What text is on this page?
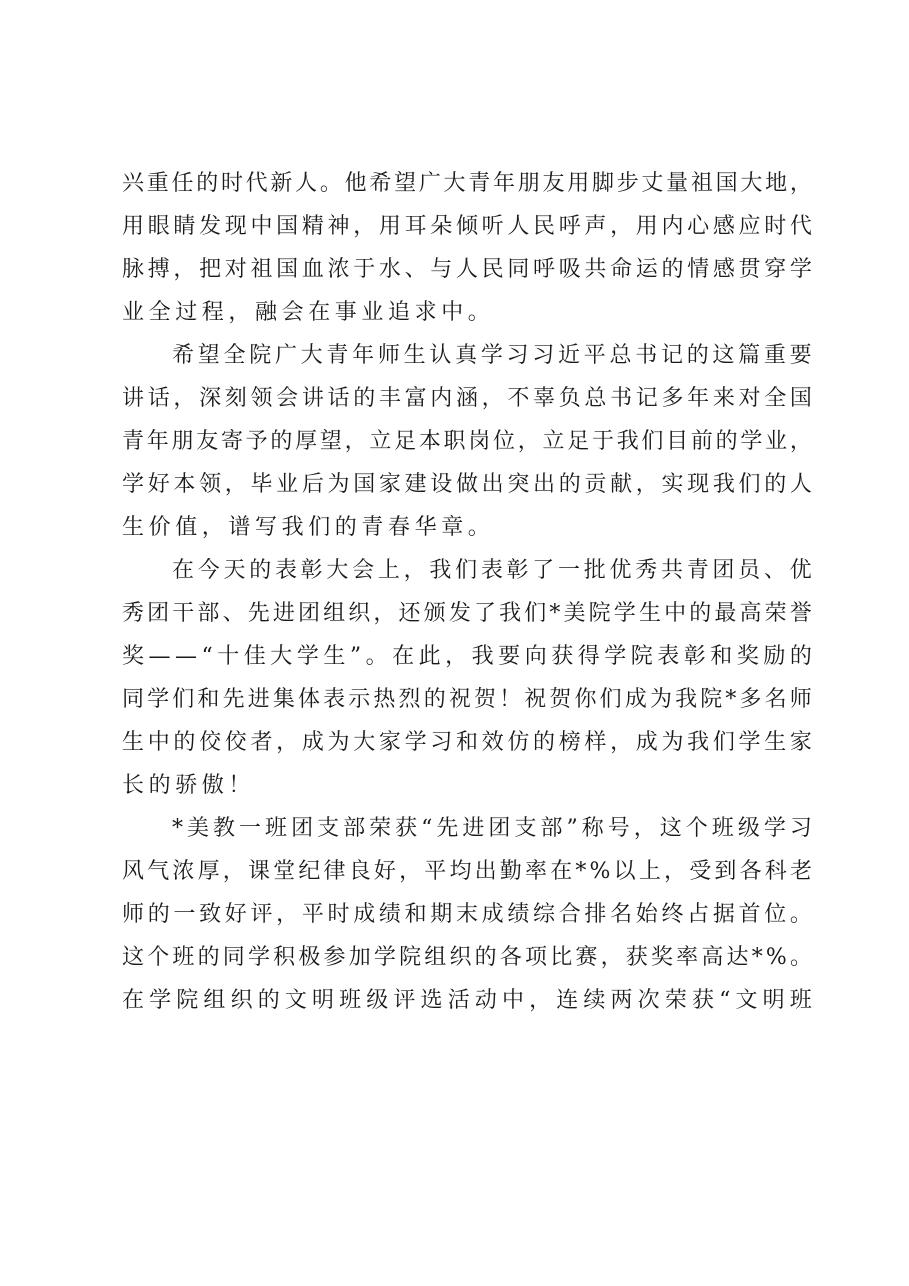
兴 重 任 的 时 代 新 人 。 他 希 望 广 大 青 年 朋 友 用 脚 步 丈 量 祖 国 大 地 ，
用 眼 睛 发 现 中 国 精 神 ， 用 耳 朵 倾 听 人 民 呼 声 ， 用 内 心 感 应 时 代
脉 搏 ， 把 对 祖 国 血 浓 于 水 、 与 人 民 同 呼 吸 共 命 运 的 情 感 贯 穿 学
业全过程，融会在事业追求中。
希 望 全 院 广 大 青 年 师 生 认 真 学 习 习 近 平 总 书 记 的 这 篇 重 要
讲 话 ， 深 刻 领 会 讲 话 的 丰 富 内 涵 ， 不 辜 负 总 书 记 多 年 来 对 全 国
青 年 朋 友 寄 予 的 厚 望 ， 立 足 本 职 岗 位 ， 立 足 于 我 们 目 前 的 学 业 ，
学 好 本 领 ， 毕 业 后 为 国 家 建 设 做 出 突 出 的 贡 献 ， 实 现 我 们 的 人
生价值，谱写我们的青春华章。
在 今 天 的 表 彰 大 会 上 ， 我 们 表 彰 了 一 批 优 秀 共 青 团 员 、 优
秀 团 干 部 、 先 进 团 组 织 ， 还 颁 发 了 我 们 * 美 院 学 生 中 的 最 高 荣 誉
奖 — — “ 十 佳 大 学 生 ” 。 在 此 ， 我 要 向 获 得 学 院 表 彰 和 奖 励 的
同 学 们 和 先 进 集 体 表 示 热 烈 的 祝 贺 ！ 祝 贺 你 们 成 为 我 院 * 多 名 师
生 中 的 佼 佼 者 ， 成 为 大 家 学 习 和 效 仿 的 榜 样 ， 成 为 我 们 学 生 家
长的骄傲！
* 美 教 一 班 团 支 部 荣 获 “ 先 进 团 支 部 ” 称 号 ， 这 个 班 级 学 习
风 气 浓 厚 ， 课 堂 纪 律 良 好 ， 平 均 出 勤 率 在 * % 以 上 ， 受 到 各 科 老
师 的 一 致 好 评 ， 平 时 成 绩 和 期 末 成 绩 综 合 排 名 始 终 占 据 首 位 。
这 个 班 的 同 学 积 极 参 加 学 院 组 织 的 各 项 比 赛 ， 获 奖 率 高 达 * % 。
在 学 院 组 织 的 文 明 班 级 评 选 活 动 中 ， 连 续 两 次 荣 获 “ 文 明 班
